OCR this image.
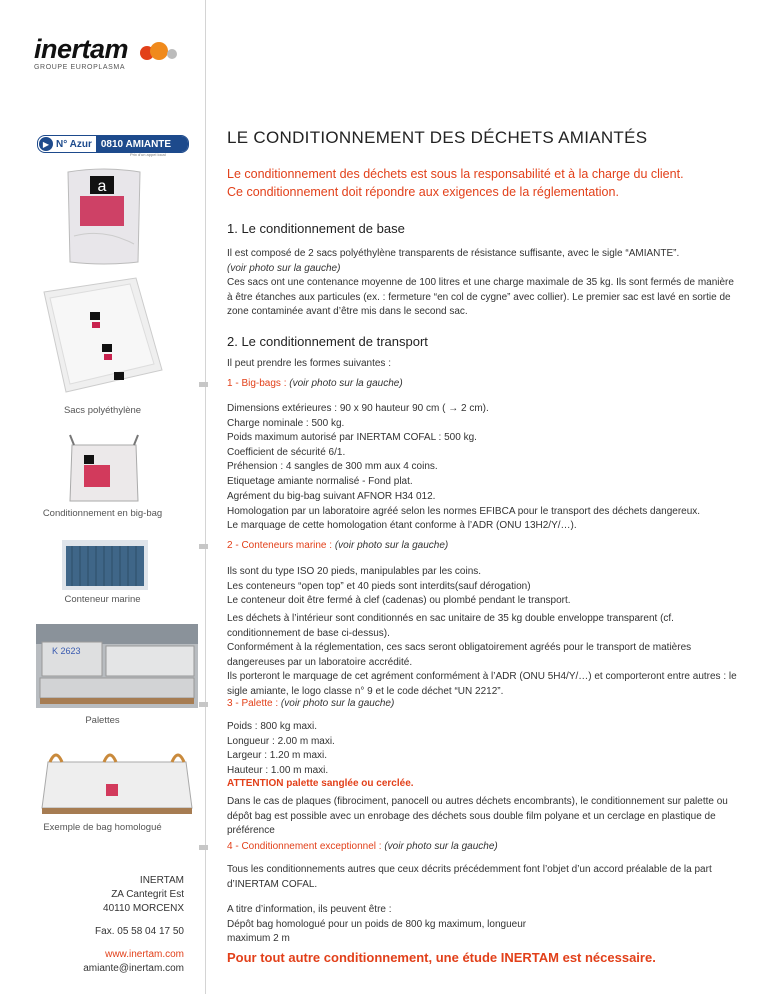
inertam
GROUPE EUROPLASMA
▶ N° Azur 0810 AMIANTE
Prix d'un appel local
a
Sacs polyéthylène
Conditionnement en big-bag
Conteneur marine
K 2623
Palettes
Exemple de bag homologué
INERTAM
ZA Cantegrit Est
40110 MORCENX
Fax. 05 58 04 17 50
www.inertam.com
amiante@inertam.com
LE CONDITIONNEMENT DES DÉCHETS AMIANTÉS
Le conditionnement des déchets est sous la responsabilité et à la charge du client.
Ce conditionnement doit répondre aux exigences de la réglementation.
1. Le conditionnement de base
Il est composé de 2 sacs polyéthylène transparents de résistance suffisante, avec le sigle “AMIANTE”.
(voir photo sur la gauche)
Ces sacs ont une contenance moyenne de 100 litres et une charge maximale de 35 kg. Ils sont fermés de manière à être étanches aux particules (ex. : fermeture “en col de cygne” avec collier). Le premier sac est lavé en sortie de zone contaminée avant d’être mis dans le second sac.
2. Le conditionnement de transport
Il peut prendre les formes suivantes :
1 - Big-bags : (voir photo sur la gauche)
Dimensions extérieures : 90 x 90 hauteur 90 cm ( → 2 cm).
Charge nominale : 500 kg.
Poids maximum autorisé par INERTAM COFAL : 500 kg.
Coefficient de sécurité 6/1.
Préhension : 4 sangles de 300 mm aux 4 coins.
Etiquetage amiante normalisé - Fond plat.
Agrément du big-bag suivant AFNOR H34 012.
Homologation par un laboratoire agréé selon les normes EFIBCA pour le transport des déchets dangereux.
Le marquage de cette homologation étant conforme à l’ADR (ONU 13H2/Y/…).
2 - Conteneurs marine : (voir photo sur la gauche)
Ils sont du type ISO 20 pieds, manipulables par les coins.
Les conteneurs “open top” et 40 pieds sont interdits(sauf dérogation)
Le conteneur doit être fermé à clef (cadenas) ou plombé pendant le transport.
Les déchets à l’intérieur sont conditionnés en sac unitaire de 35 kg double enveloppe transparent (cf. conditionnement de base ci-dessus).
Conformément à la réglementation, ces sacs seront obligatoirement agréés pour le transport de matières dangereuses par un laboratoire accrédité.
Ils porteront le marquage de cet agrément conformément à l’ADR (ONU 5H4/Y/…) et comporteront entre autres : le sigle amiante, le logo classe n° 9 et le code déchet “UN 2212”.
3 - Palette : (voir photo sur la gauche)
Poids : 800 kg maxi.
Longueur : 2.00 m maxi.
Largeur : 1.20 m maxi.
Hauteur : 1.00 m maxi.
ATTENTION palette sanglée ou cerclée.
Dans le cas de plaques (fibrociment, panocell ou autres déchets encombrants), le conditionnement sur palette ou dépôt bag est possible avec un enrobage des déchets sous double film polyane et un cerclage en plastique de préférence
4 - Conditionnement exceptionnel : (voir photo sur la gauche)
Tous les conditionnements autres que ceux décrits précédemment font l’objet d’un accord préalable de la part d’INERTAM COFAL.
A titre d’information, ils peuvent être :
Dépôt bag homologué pour un poids de 800 kg maximum, longueur
maximum 2 m
Pour tout autre conditionnement, une étude INERTAM est nécessaire.
